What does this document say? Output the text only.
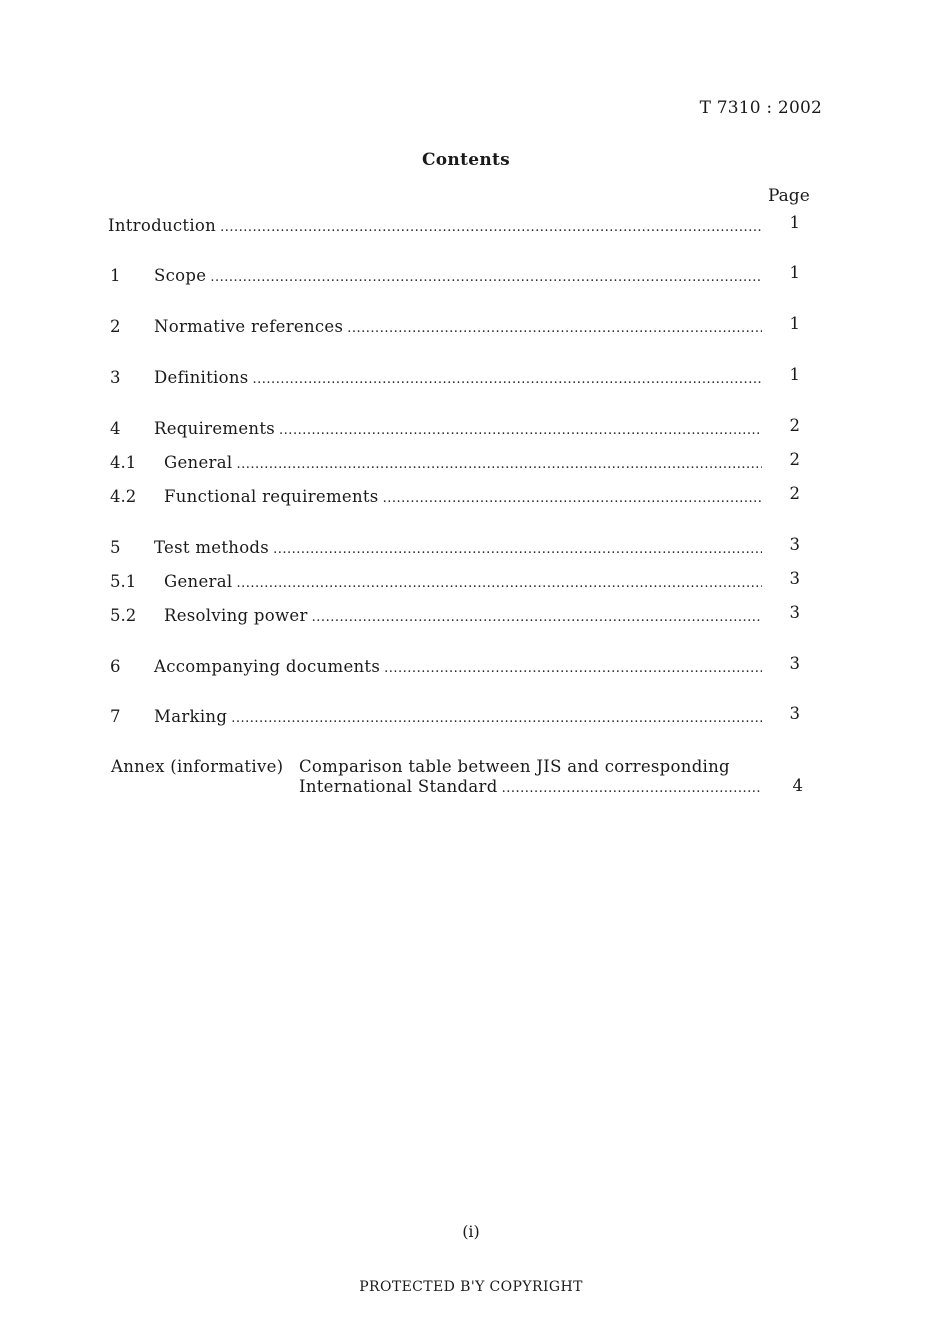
T 7310 : 2002
Contents
Page
Introduction .....	1
1 Scope .....	1
2 Normative references .....	1
3 Definitions .....	1
4 Requirements .....	2
4.1 General .....	2
4.2 Functional requirements .....	2
5 Test methods .....	3
5.1 General .....	3
5.2 Resolving power .....	3
6 Accompanying documents .....	3
7 Marking .....	3
Annex (informative) Comparison table between JIS and corresponding
International Standard .....	4
(i)
PROTECTED B'Y COPYRIGHT
